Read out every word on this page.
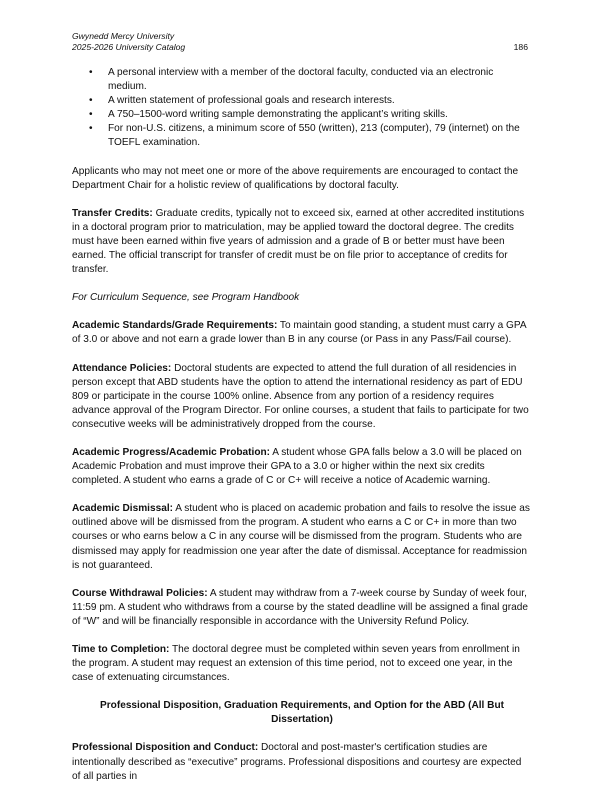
Gwynedd Mercy University
2025-2026 University Catalog	186
• A personal interview with a member of the doctoral faculty, conducted via an electronic medium.
• A written statement of professional goals and research interests.
• A 750–1500-word writing sample demonstrating the applicant’s writing skills.
• For non-U.S. citizens, a minimum score of 550 (written), 213 (computer), 79 (internet) on the TOEFL examination.

Applicants who may not meet one or more of the above requirements are encouraged to contact the Department Chair for a holistic review of qualifications by doctoral faculty.

Transfer Credits: Graduate credits, typically not to exceed six, earned at other accredited institutions in a doctoral program prior to matriculation, may be applied toward the doctoral degree. The credits must have been earned within five years of admission and a grade of B or better must have been earned. The official transcript for transfer of credit must be on file prior to acceptance of credits for transfer.

For Curriculum Sequence, see Program Handbook

Academic Standards/Grade Requirements: To maintain good standing, a student must carry a GPA of 3.0 or above and not earn a grade lower than B in any course (or Pass in any Pass/Fail course).

Attendance Policies: Doctoral students are expected to attend the full duration of all residencies in person except that ABD students have the option to attend the international residency as part of EDU 809 or participate in the course 100% online. Absence from any portion of a residency requires advance approval of the Program Director. For online courses, a student that fails to participate for two consecutive weeks will be administratively dropped from the course.

Academic Progress/Academic Probation: A student whose GPA falls below a 3.0 will be placed on Academic Probation and must improve their GPA to a 3.0 or higher within the next six credits completed. A student who earns a grade of C or C+ will receive a notice of Academic warning.

Academic Dismissal: A student who is placed on academic probation and fails to resolve the issue as outlined above will be dismissed from the program. A student who earns a C or C+ in more than two courses or who earns below a C in any course will be dismissed from the program. Students who are dismissed may apply for readmission one year after the date of dismissal. Acceptance for readmission is not guaranteed.

Course Withdrawal Policies: A student may withdraw from a 7-week course by Sunday of week four, 11:59 pm. A student who withdraws from a course by the stated deadline will be assigned a final grade of “W” and will be financially responsible in accordance with the University Refund Policy.

Time to Completion: The doctoral degree must be completed within seven years from enrollment in the program. A student may request an extension of this time period, not to exceed one year, in the case of extenuating circumstances.

Professional Disposition, Graduation Requirements, and Option for the ABD (All But Dissertation)

Professional Disposition and Conduct: Doctoral and post-master's certification studies are intentionally described as “executive” programs. Professional dispositions and courtesy are expected of all parties in
